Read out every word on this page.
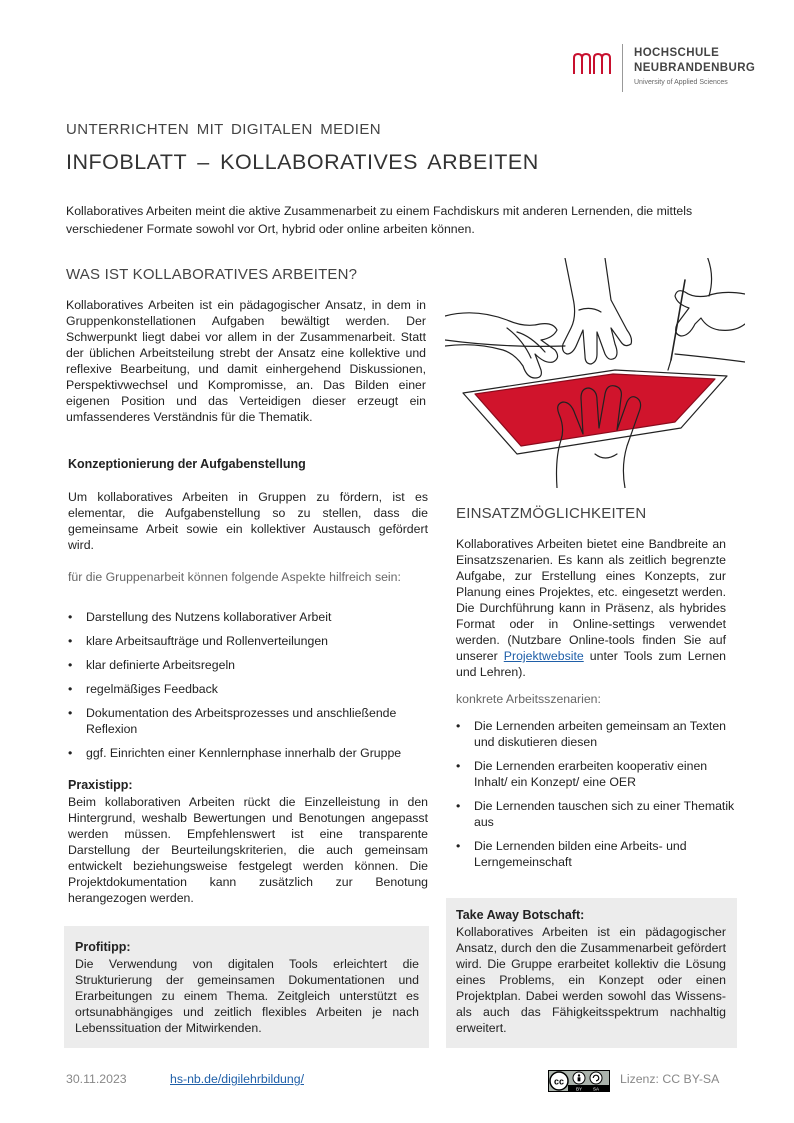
HOCHSCHULE
NEUBRANDENBURG
University of Applied Sciences
UNTERRICHTEN MIT DIGITALEN MEDIEN
INFOBLATT – KOLLABORATIVES ARBEITEN
Kollaboratives Arbeiten meint die aktive Zusammenarbeit zu einem Fachdiskurs mit anderen Lernenden, die mittels verschiedener Formate sowohl vor Ort, hybrid oder online arbeiten können.
WAS IST KOLLABORATIVES ARBEITEN?

Kollaboratives Arbeiten ist ein pädagogischer Ansatz, in dem in Gruppenkonstellationen Aufgaben bewältigt werden. Der Schwerpunkt liegt dabei vor allem in der Zusammenarbeit. Statt der üblichen Arbeitsteilung strebt der Ansatz eine kollektive und reflexive Bearbeitung, und damit einhergehend Diskussionen, Perspektivwechsel und Kompromisse, an. Das Bilden einer eigenen Position und das Verteidigen dieser erzeugt ein umfassenderes Verständnis für die Thematik.

Konzeptionierung der Aufgabenstellung

Um kollaboratives Arbeiten in Gruppen zu fördern, ist es elementar, die Aufgabenstellung so zu stellen, dass die gemeinsame Arbeit sowie ein kollektiver Austausch gefördert wird.

für die Gruppenarbeit können folgende Aspekte hilfreich sein:
• Darstellung des Nutzens kollaborativer Arbeit
• klare Arbeitsaufträge und Rollenverteilungen
• klar definierte Arbeitsregeln
• regelmäßiges Feedback
• Dokumentation des Arbeitsprozesses und anschließende Reflexion
• ggf. Einrichten einer Kennlernphase innerhalb der Gruppe
Praxistipp:

Beim kollaborativen Arbeiten rückt die Einzelleistung in den Hintergrund, weshalb Bewertungen und Benotungen angepasst werden müssen. Empfehlenswert ist eine transparente Darstellung der Beurteilungskriterien, die auch gemeinsam entwickelt beziehungsweise festgelegt werden können. Die Projektdokumentation kann zusätzlich zur Benotung herangezogen werden.

Profitipp:
Die Verwendung von digitalen Tools erleichtert die Strukturierung der gemeinsamen Dokumentationen und Erarbeitungen zu einem Thema. Zeitgleich unterstützt es ortsunabhängiges und zeitlich flexibles Arbeiten je nach Lebenssituation der Mitwirkenden.
EINSATZMÖGLICHKEITEN

Kollaboratives Arbeiten bietet eine Bandbreite an Einsatzszenarien. Es kann als zeitlich begrenzte Aufgabe, zur Erstellung eines Konzepts, zur Planung eines Projektes, etc. eingesetzt werden. Die Durchführung kann in Präsenz, als hybrides Format oder in Online-settings verwendet werden. (Nutzbare Online-tools finden Sie auf unserer Projektwebsite unter Tools zum Lernen und Lehren).

konkrete Arbeitsszenarien:
• Die Lernenden arbeiten gemeinsam an Texten und diskutieren diesen
• Die Lernenden erarbeiten kooperativ einen Inhalt/ ein Konzept/ eine OER
• Die Lernenden tauschen sich zu einer Thematik aus
• Die Lernenden bilden eine Arbeits- und Lerngemeinschaft
Take Away Botschaft:
Kollaboratives Arbeiten ist ein pädagogischer Ansatz, durch den die Zusammenarbeit gefördert wird. Die Gruppe erarbeitet kollektiv die Lösung eines Problems, ein Konzept oder einen Projektplan. Dabei werden sowohl das Wissens- als auch das Fähigkeitsspektrum nachhaltig erweitert.
30.11.2023	hs-nb.de/digilehrbildung/	cc
BY SA
Lizenz: CC BY-SA
